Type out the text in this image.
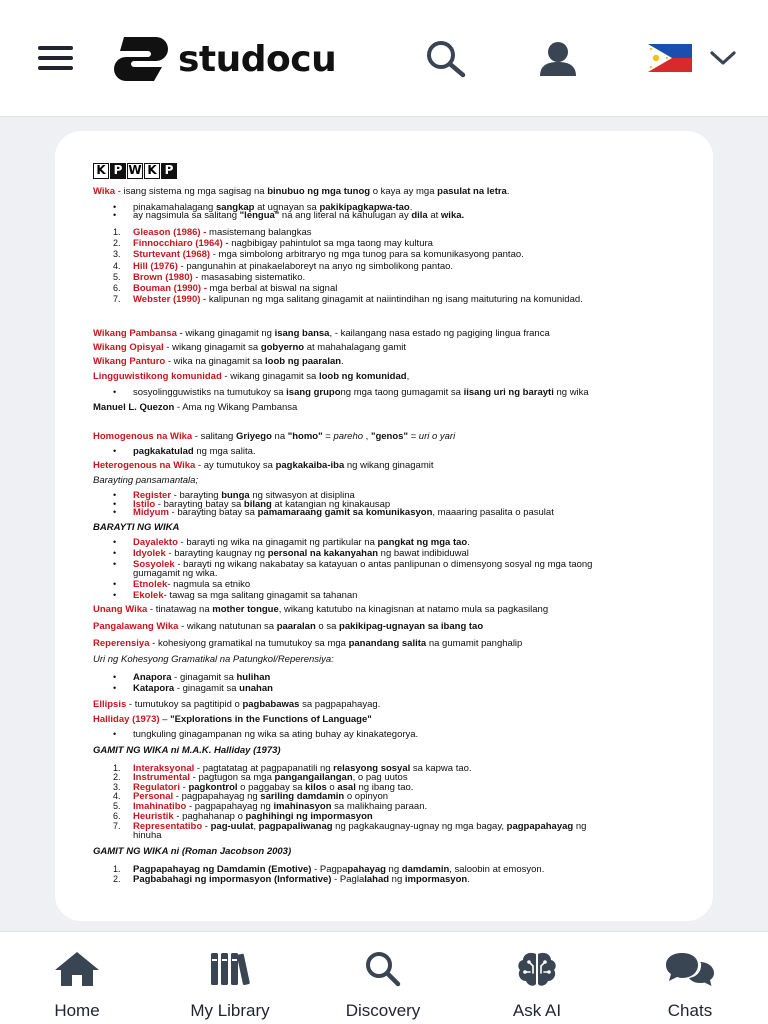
studocu
K P W K P
Wika - isang sistema ng mga sagisag na binubuo ng mga tunog o kaya ay mga pasulat na letra.
• pinakamahalagang sangkap at ugnayan sa pakikipagkapwa-tao.
• ay nagsimula sa salitang "lengua" na ang literal na kahulugan ay dila at wika.
1. Gleason (1986) - masistemang balangkas
2. Finnocchiaro (1964) - nagbibigay pahintulot sa mga taong may kultura
3. Sturtevant (1968) - mga simbolong arbitraryo ng mga tunog para sa komunikasyong pantao.
4. Hill (1976) - pangunahin at pinakaelaboreyt na anyo ng simbolikong pantao.
5. Brown (1980) - masasabing sistematiko.
6. Bouman (1990) - mga berbal at biswal na signal
7. Webster (1990) - kalipunan ng mga salitang ginagamit at naiintindihan ng isang maituturing na komunidad.
Wikang Pambansa - wikang ginagamit ng isang bansa, - kailangang nasa estado ng pagiging lingua franca
Wikang Opisyal - wikang ginagamit sa gobyerno at mahahalagang gamit
Wikang Panturo - wika na ginagamit sa loob ng paaralan.
Lingguwistikong komunidad - wikang ginagamit sa loob ng komunidad,
• sosyolingguwistiks na tumutukoy sa isang grupong mga taong gumagamit sa iisang uri ng barayti ng wika
Manuel L. Quezon - Ama ng Wikang Pambansa
Homogenous na Wika - salitang Griyego na "homo" = pareho , "genos" = uri o yari
• pagkakatulad ng mga salita.
Heterogenous na Wika - ay tumutukoy sa pagkakaiba-iba ng wikang ginagamit
Barayting pansamantala;
• Register - barayting bunga ng sitwasyon at disiplina
• Istilo - barayting batay sa bilang at katangian ng kinakausap
• Midyum - barayting batay sa pamamaraang gamit sa komunikasyon, maaaring pasalita o pasulat
BARAYTI NG WIKA
• Dayalekto - barayti ng wika na ginagamit ng partikular na pangkat ng mga tao.
• Idyolek - barayting kaugnay ng personal na kakanyahan ng bawat indibiduwal
• Sosyolek - barayti ng wikang nakabatay sa katayuan o antas panlipunan o dimensyong sosyal ng mga taong
gumagamit ng wika.
• Etnolek- nagmula sa etniko
• Ekolek- tawag sa mga salitang ginagamit sa tahanan
Unang Wika - tinatawag na mother tongue, wikang katutubo na kinagisnan at natamo mula sa pagkasilang
Pangalawang Wika - wikang natutunan sa paaralan o sa pakikipag-ugnayan sa ibang tao
Reperensiya - kohesiyong gramatikal na tumutukoy sa mga panandang salita na gumamit panghalip
Uri ng Kohesyong Gramatikal na Patungkol/Reperensiya:
• Anapora - ginagamit sa hulihan
• Katapora - ginagamit sa unahan
Ellipsis - tumutukoy sa pagtitipid o pagbabawas sa pagpapahayag.
Halliday (1973) – "Explorations in the Functions of Language"
• tungkuling ginagampanan ng wika sa ating buhay ay kinakategorya.
GAMIT NG WIKA ni M.A.K. Halliday (1973)
1. Interaksyonal - pagtatatag at pagpapanatili ng relasyong sosyal sa kapwa tao.
2. Instrumental - pagtugon sa mga pangangailangan, o pag uutos
3. Regulatori - pagkontrol o paggabay sa kilos o asal ng ibang tao.
4. Personal - pagpapahayag ng sariling damdamin o opinyon
5. Imahinatibo - pagpapahayag ng imahinasyon sa malikhaing paraan.
6. Heuristik - paghahanap o paghihingi ng impormasyon
7. Representatibo - pag-uulat, pagpapaliwanag ng pagkakaugnay-ugnay ng mga bagay, pagpapahayag ng
hinuha
GAMIT NG WIKA ni (Roman Jacobson 2003)
1. Pagpapahayag ng Damdamin (Emotive) - Pagpapahayag ng damdamin, saloobin at emosyon.
2. Pagbabahagi ng impormasyon (Informative) - Paglalahad ng impormasyon.
Home	My Library	Discovery	Ask AI	Chats
